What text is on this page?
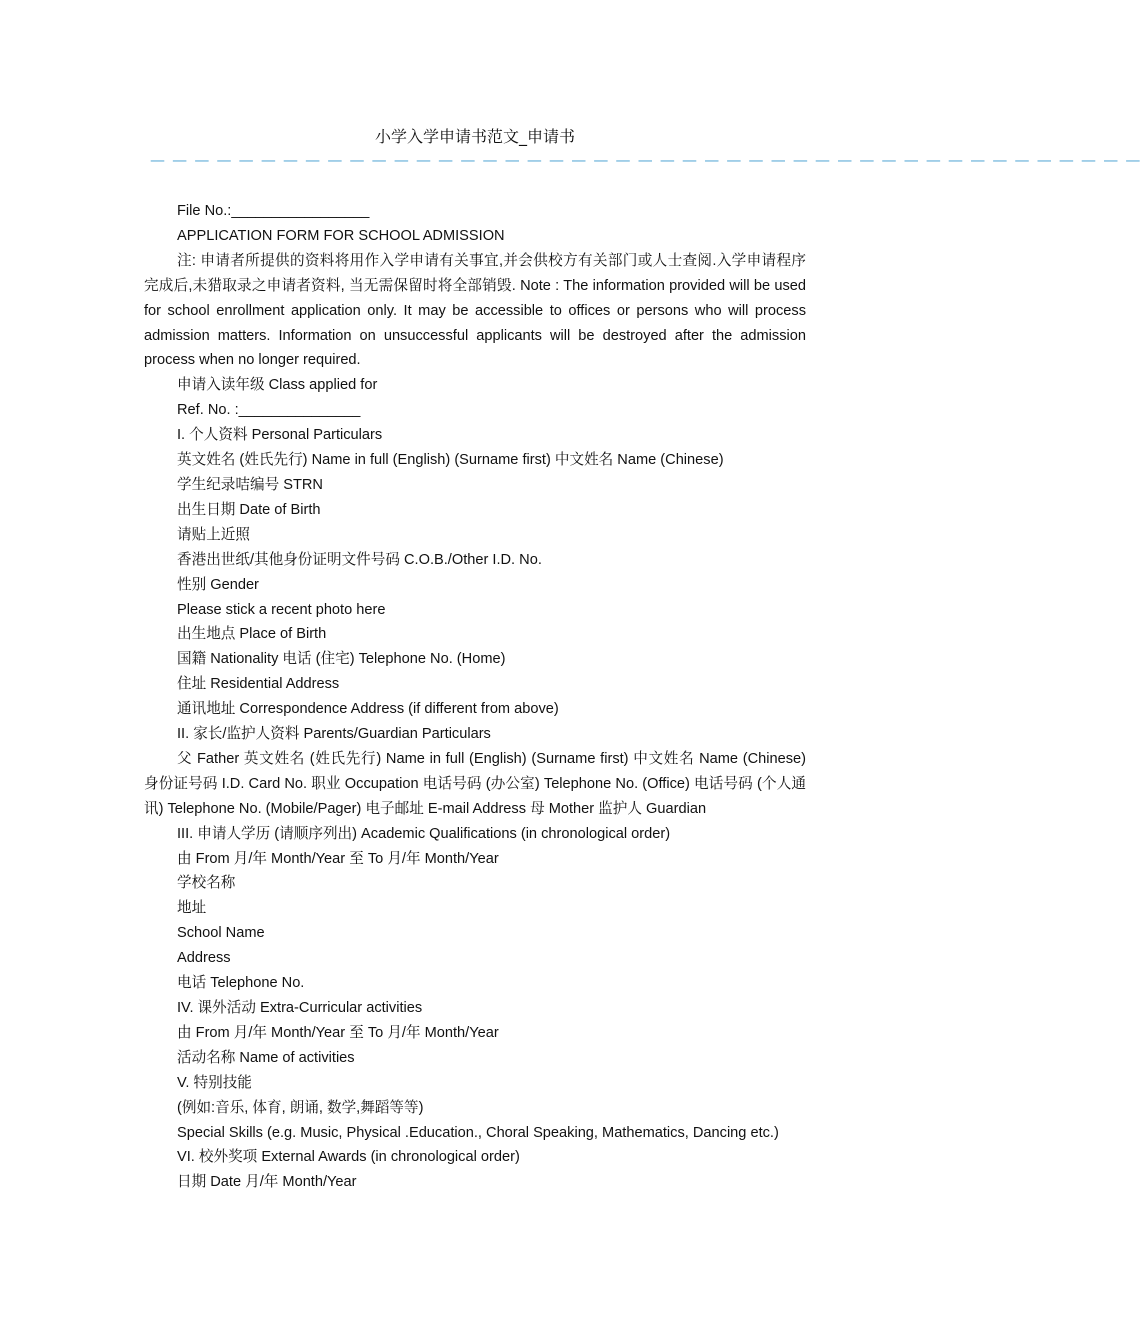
小学入学申请书范文_申请书
— — — — — — — — — — — — — — — — — — — — — — — — — — — — — — — — — — — — — — — — — — — — —

File No.:_________________

APPLICATION FORM FOR SCHOOL ADMISSION

注: 申请者所提供的资料将用作入学申请有关事宜,并会供校方有关部门或人士查阅.入学申请程序完成后,未猎取录之申请者资料, 当无需保留时将全部销毁. Note : The information provided will be used for school enrollment application only. It may be accessible to offices or persons who will process admission matters. Information on unsuccessful applicants will be destroyed after the admission process when no longer required.

申请入读年级 Class applied for

Ref. No. :_______________

I. 个人资料 Personal Particulars

英文姓名 (姓氏先行) Name in full (English) (Surname first) 中文姓名 Name (Chinese)

学生纪录咭编号 STRN

出生日期 Date of Birth

请贴上近照

香港出世纸/其他身份证明文件号码 C.O.B./Other I.D. No.

性别 Gender

Please stick a recent photo here

出生地点 Place of Birth

国籍 Nationality 电话 (住宅) Telephone No. (Home)

住址 Residential Address

通讯地址 Correspondence Address (if different from above)

II. 家长/监护人资料 Parents/Guardian Particulars

父 Father 英文姓名 (姓氏先行) Name in full (English) (Surname first) 中文姓名 Name (Chinese) 身份证号码 I.D. Card No. 职业 Occupation 电话号码 (办公室) Telephone No. (Office) 电话号码 (个人通讯) Telephone No. (Mobile/Pager) 电子邮址 E-mail Address 母 Mother 监护人 Guardian

III. 申请人学历 (请顺序列出) Academic Qualifications (in chronological order)

由 From 月/年 Month/Year 至 To 月/年 Month/Year

学校名称

地址

School Name

Address

电话 Telephone No.

IV. 课外活动 Extra-Curricular activities

由 From 月/年 Month/Year 至 To 月/年 Month/Year

活动名称 Name of activities

V. 特别技能

(例如:音乐, 体育, 朗诵, 数学,舞蹈等等)

Special Skills (e.g. Music, Physical .Education., Choral Speaking, Mathematics, Dancing etc.)

VI. 校外奖项 External Awards (in chronological order)

日期 Date 月/年 Month/Year
